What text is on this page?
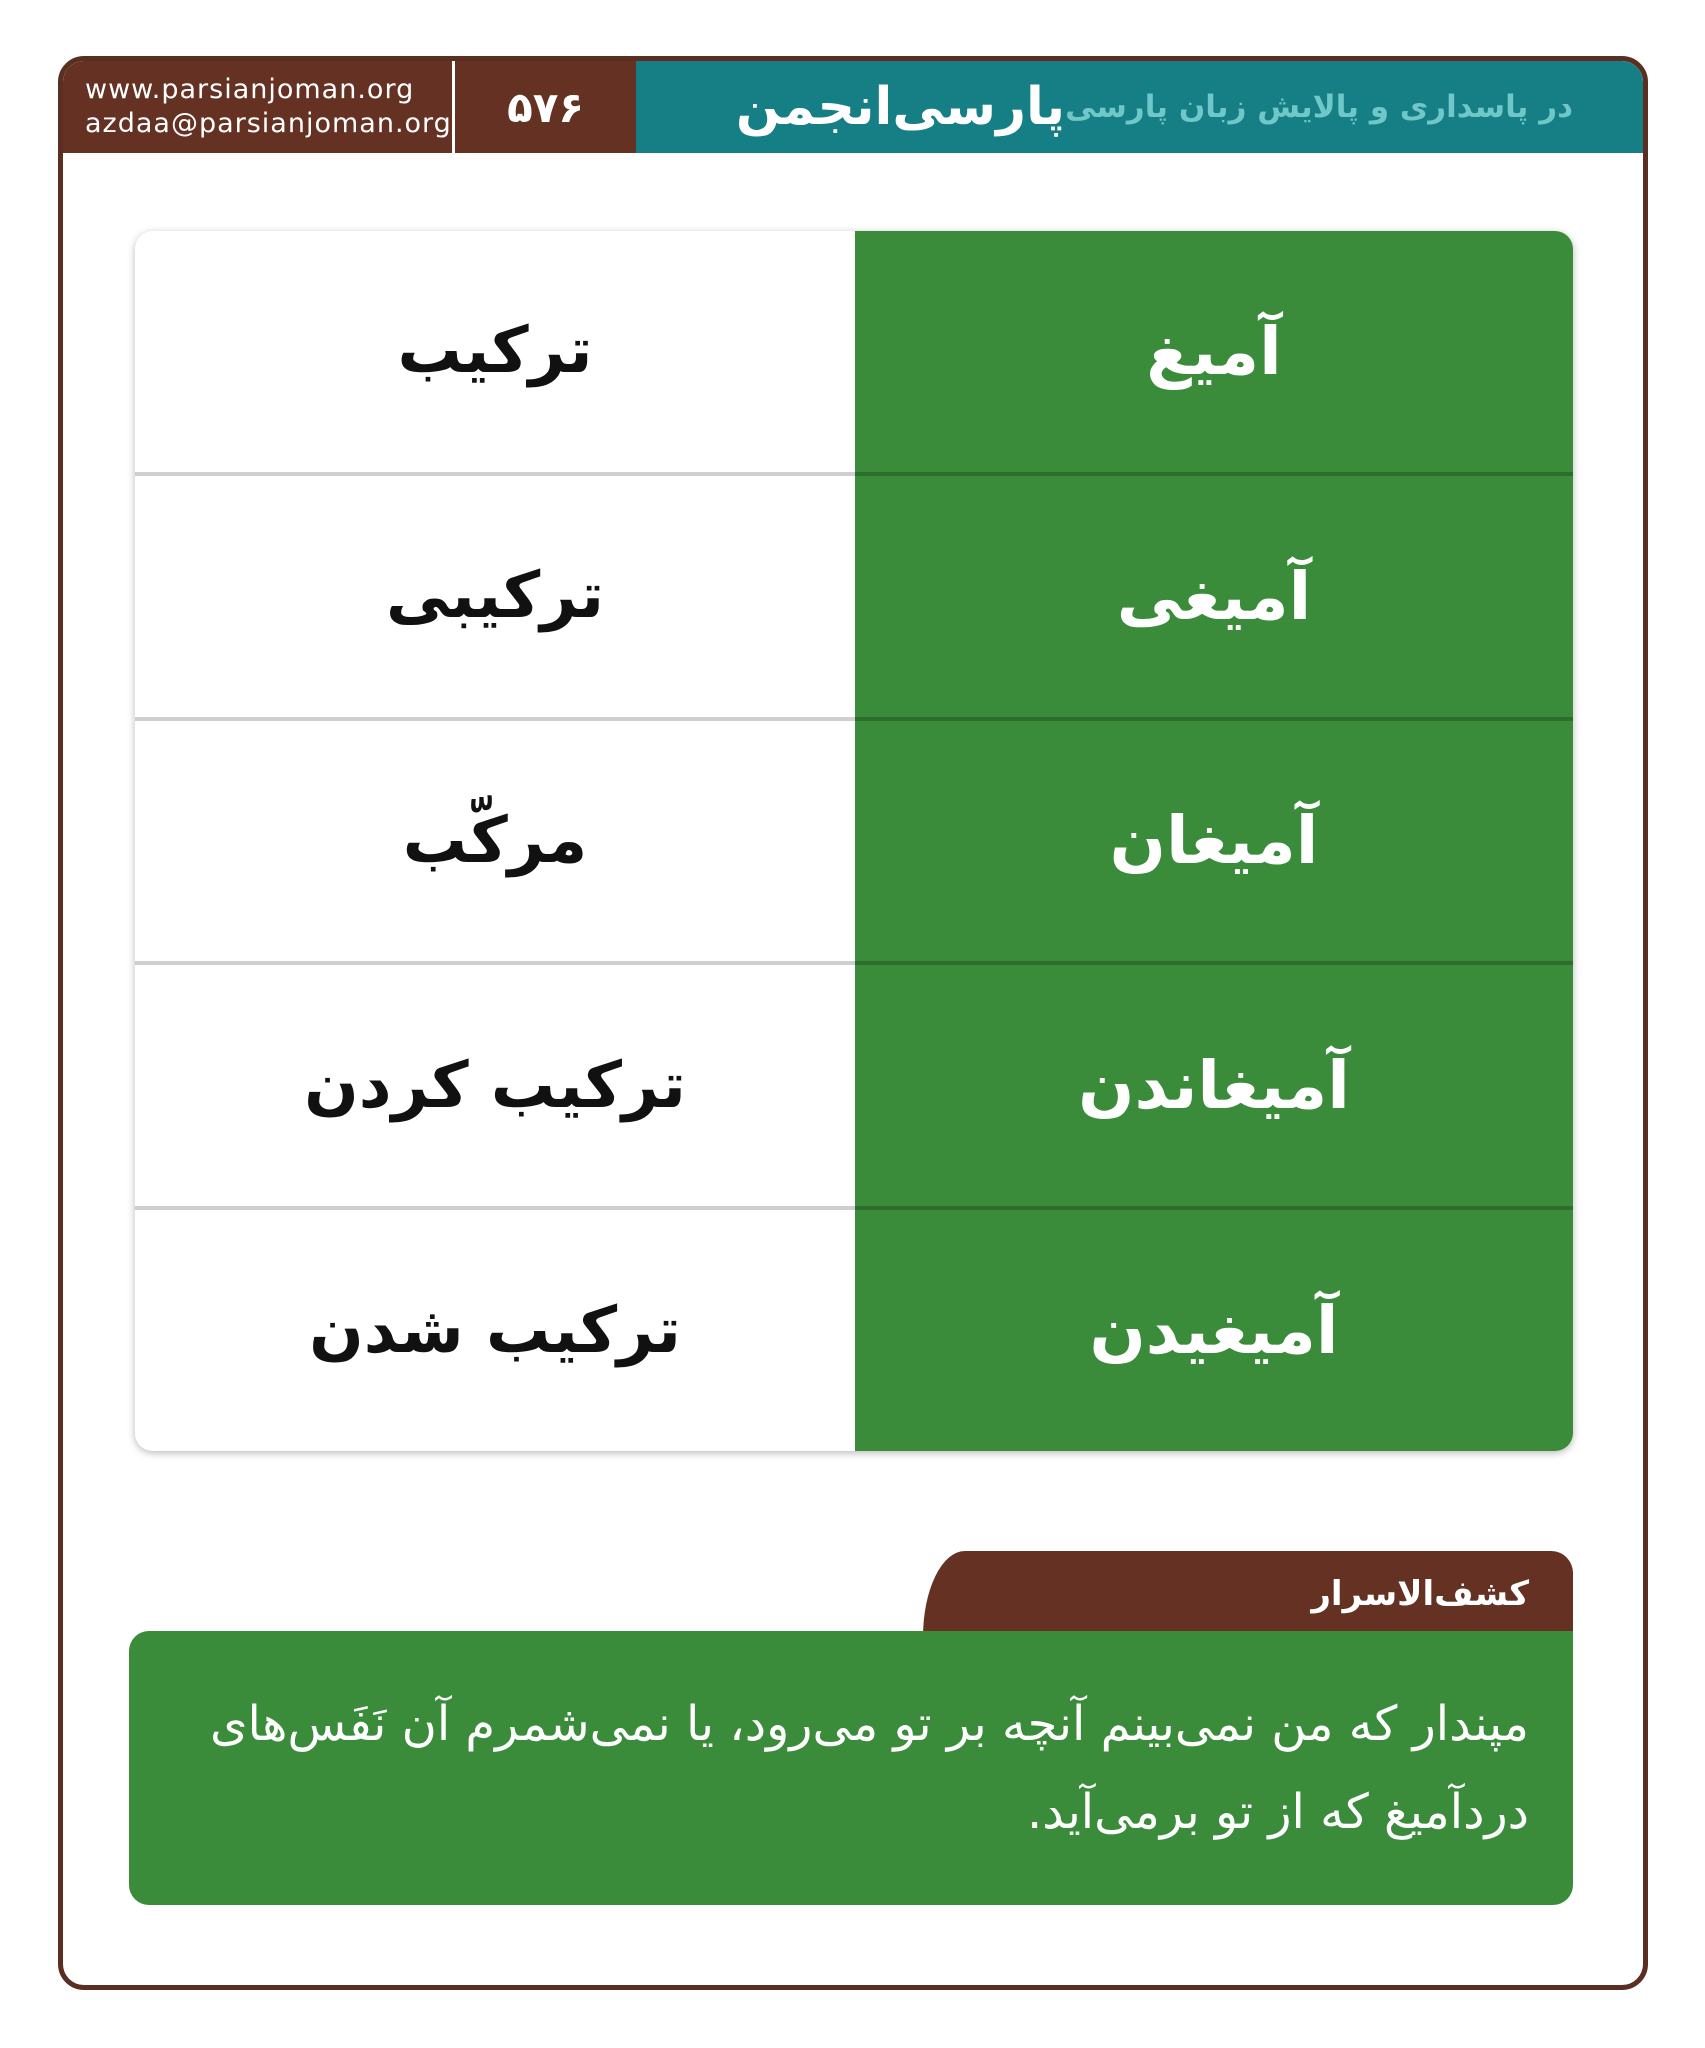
www.parsianjoman.org
azdaa@parsianjoman.org	۵۷۶	پارسی‌انجمن در پاسداری و پالایش زبان پارسی
ترکیب	آمیغ
ترکیبی	آمیغی
مرکّب	آمیغان
ترکیب کردن	آمیغاندن
ترکیب شدن	آمیغیدن
کشف‌الاسرار
مپندار که من نمی‌بینم آنچه بر تو می‌رود، یا نمی‌شمرم آن نَفَس‌های دردآمیغ که از تو برمی‌آید.
